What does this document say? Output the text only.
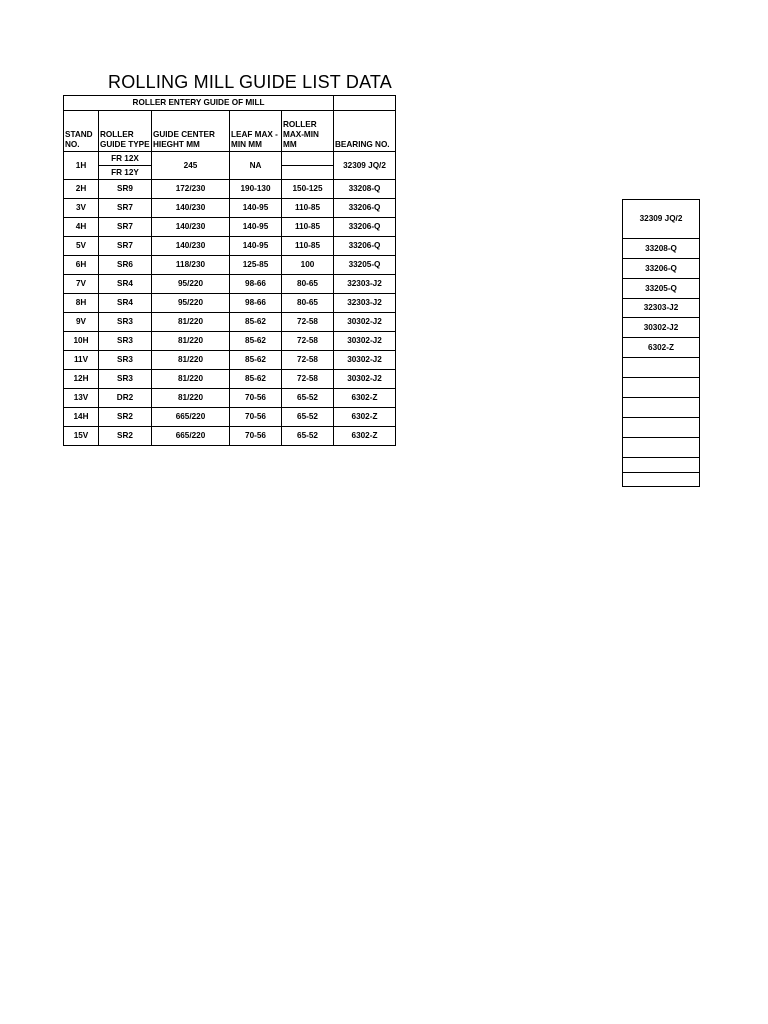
ROLLING MILL GUIDE LIST DATA
ROLLER ENTERY GUIDE OF MILL					
STAND NO.	ROLLER GUIDE TYPE	GUIDE CENTER HIEGHT MM	LEAF MAX -MIN MM	ROLLER MAX-MIN MM	BEARING NO.
1H	FR 12X	245	NA		32309 JQ/2
	FR 12Y				
2H	SR9	172/230	190-130	150-125	33208-Q
3V	SR7	140/230	140-95	110-85	33206-Q
4H	SR7	140/230	140-95	110-85	33206-Q
5V	SR7	140/230	140-95	110-85	33206-Q
6H	SR6	118/230	125-85	100	33205-Q
7V	SR4	95/220	98-66	80-65	32303-J2
8H	SR4	95/220	98-66	80-65	32303-J2
9V	SR3	81/220	85-62	72-58	30302-J2
10H	SR3	81/220	85-62	72-58	30302-J2
11V	SR3	81/220	85-62	72-58	30302-J2
12H	SR3	81/220	85-62	72-58	30302-J2
13V	DR2	81/220	70-56	65-52	6302-Z
14H	SR2	665/220	70-56	65-52	6302-Z
15V	SR2	665/220	70-56	65-52	6302-Z
32309 JQ/2
33208-Q
33206-Q
33205-Q
32303-J2
30302-J2
6302-Z
